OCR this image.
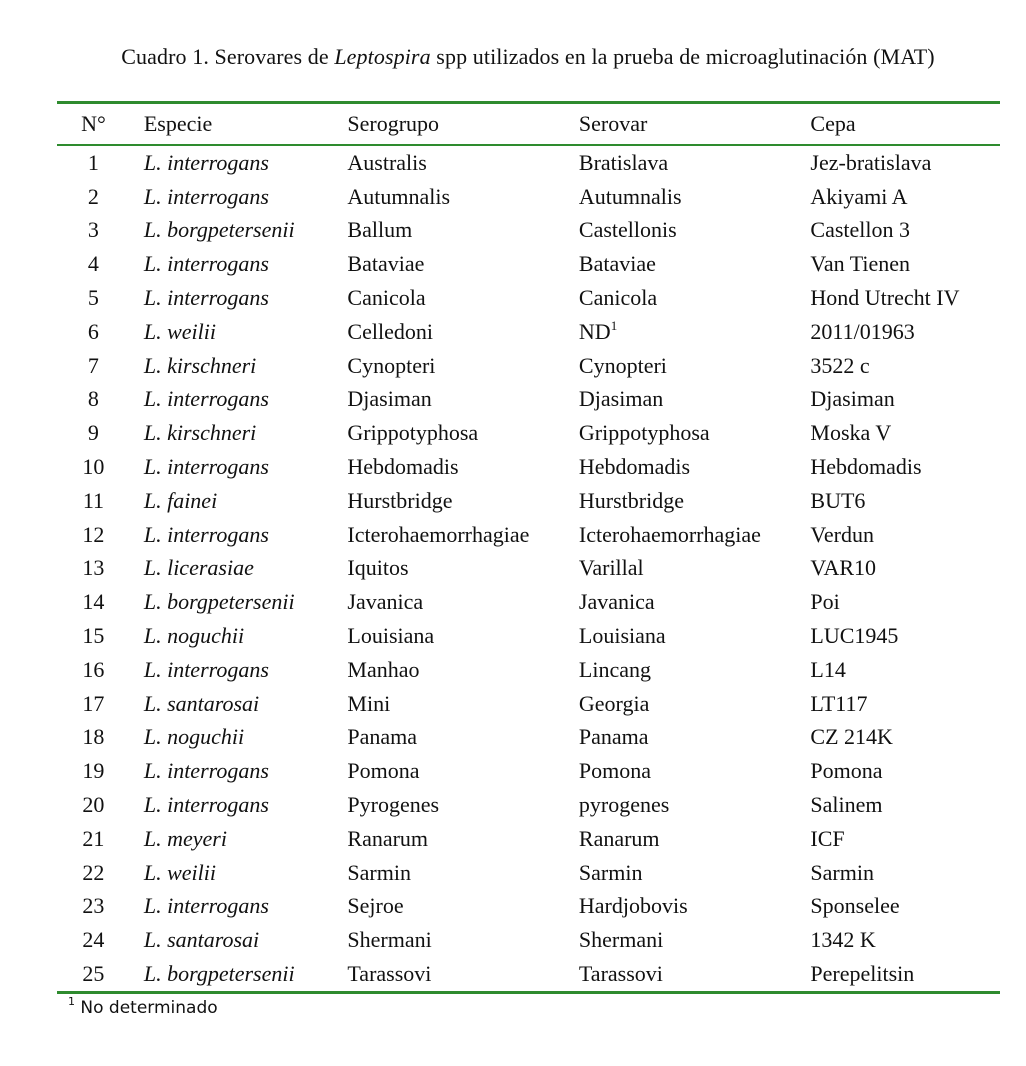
Cuadro 1. Serovares de Leptospira spp utilizados en la prueba de microaglutinación (MAT)
N°	Especie	Serogrupo	Serovar	Cepa
1	L. interrogans	Australis	Bratislava	Jez-bratislava
2	L. interrogans	Autumnalis	Autumnalis	Akiyami A
3	L. borgpetersenii	Ballum	Castellonis	Castellon 3
4	L. interrogans	Bataviae	Bataviae	Van Tienen
5	L. interrogans	Canicola	Canicola	Hond Utrecht IV
6	L. weilii	Celledoni	$ND^1$	2011/01963
7	L. kirschneri	Cynopteri	Cynopteri	3522 c
8	L. interrogans	Djasiman	Djasiman	Djasiman
9	L. kirschneri	Grippotyphosa	Grippotyphosa	Moska V
10	L. interrogans	Hebdomadis	Hebdomadis	Hebdomadis
11	L. fainei	Hurstbridge	Hurstbridge	BUT6
12	L. interrogans	Icterohaemorrhagiae	Icterohaemorrhagiae	Verdun
13	L. licerasiae	Iquitos	Varillal	VAR10
14	L. borgpetersenii	Javanica	Javanica	Poi
15	L. noguchii	Louisiana	Louisiana	LUC1945
16	L. interrogans	Manhao	Lincang	L14
17	L. santarosai	Mini	Georgia	LT117
18	L. noguchii	Panama	Panama	CZ 214K
19	L. interrogans	Pomona	Pomona	Pomona
20	L. interrogans	Pyrogenes	pyrogenes	Salinem
21	L. meyeri	Ranarum	Ranarum	ICF
22	L. weilii	Sarmin	Sarmin	Sarmin
23	L. interrogans	Sejroe	Hardjobovis	Sponselee
24	L. santarosai	Shermani	Shermani	1342 K
25	L. borgpetersenii	Tarassovi	Tarassovi	Perepelitsin
$^1$ No determinado
